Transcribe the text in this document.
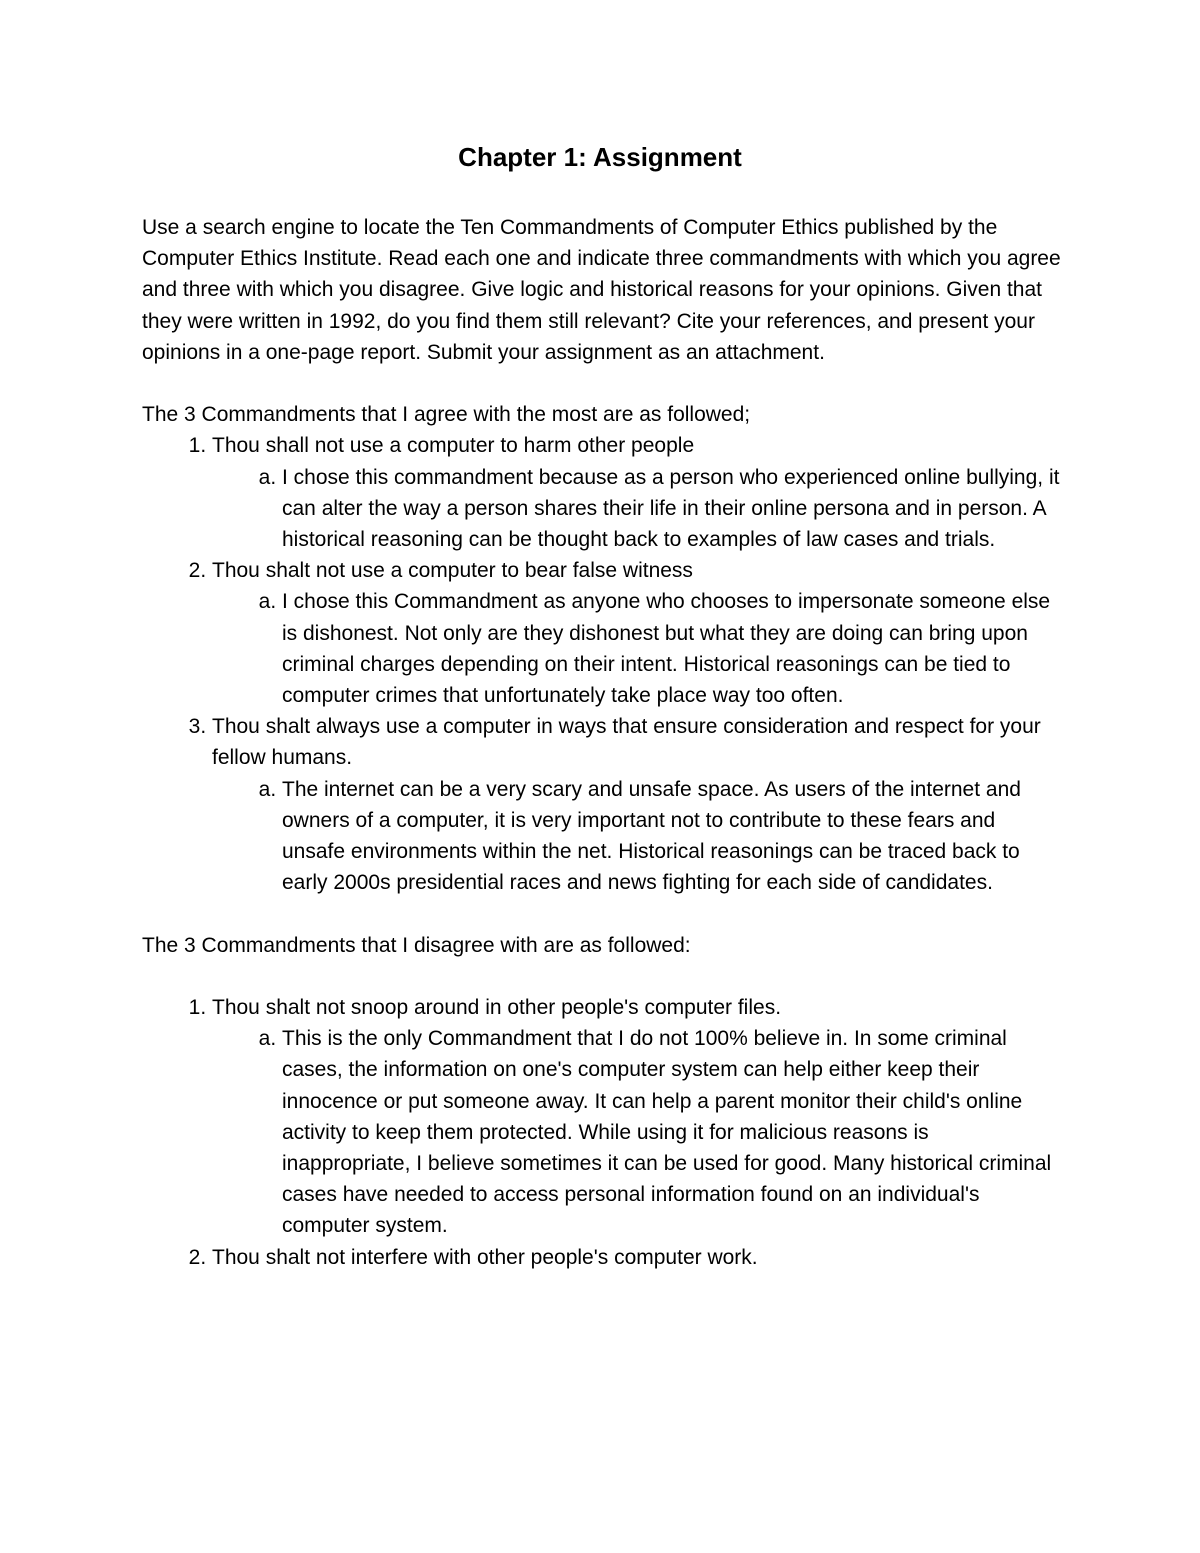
Chapter 1: Assignment

Use a search engine to locate the Ten Commandments of Computer Ethics published by the Computer Ethics Institute. Read each one and indicate three commandments with which you agree and three with which you disagree. Give logic and historical reasons for your opinions. Given that they were written in 1992, do you find them still relevant? Cite your references, and present your opinions in a one-page report. Submit your assignment as an attachment.

The 3 Commandments that I agree with the most are as followed;

1. Thou shall not use a computer to harm other people
a. I chose this commandment because as a person who experienced online bullying, it can alter the way a person shares their life in their online persona and in person. A historical reasoning can be thought back to examples of law cases and trials.
2. Thou shalt not use a computer to bear false witness
a. I chose this Commandment as anyone who chooses to impersonate someone else is dishonest. Not only are they dishonest but what they are doing can bring upon criminal charges depending on their intent. Historical reasonings can be tied to computer crimes that unfortunately take place way too often.
3. Thou shalt always use a computer in ways that ensure consideration and respect for your fellow humans.
a. The internet can be a very scary and unsafe space. As users of the internet and owners of a computer, it is very important not to contribute to these fears and unsafe environments within the net. Historical reasonings can be traced back to early 2000s presidential races and news fighting for each side of candidates.

The 3 Commandments that I disagree with are as followed:

1. Thou shalt not snoop around in other people's computer files.
a. This is the only Commandment that I do not 100% believe in. In some criminal cases, the information on one's computer system can help either keep their innocence or put someone away. It can help a parent monitor their child's online activity to keep them protected. While using it for malicious reasons is inappropriate, I believe sometimes it can be used for good. Many historical criminal cases have needed to access personal information found on an individual's computer system.
2. Thou shalt not interfere with other people's computer work.
